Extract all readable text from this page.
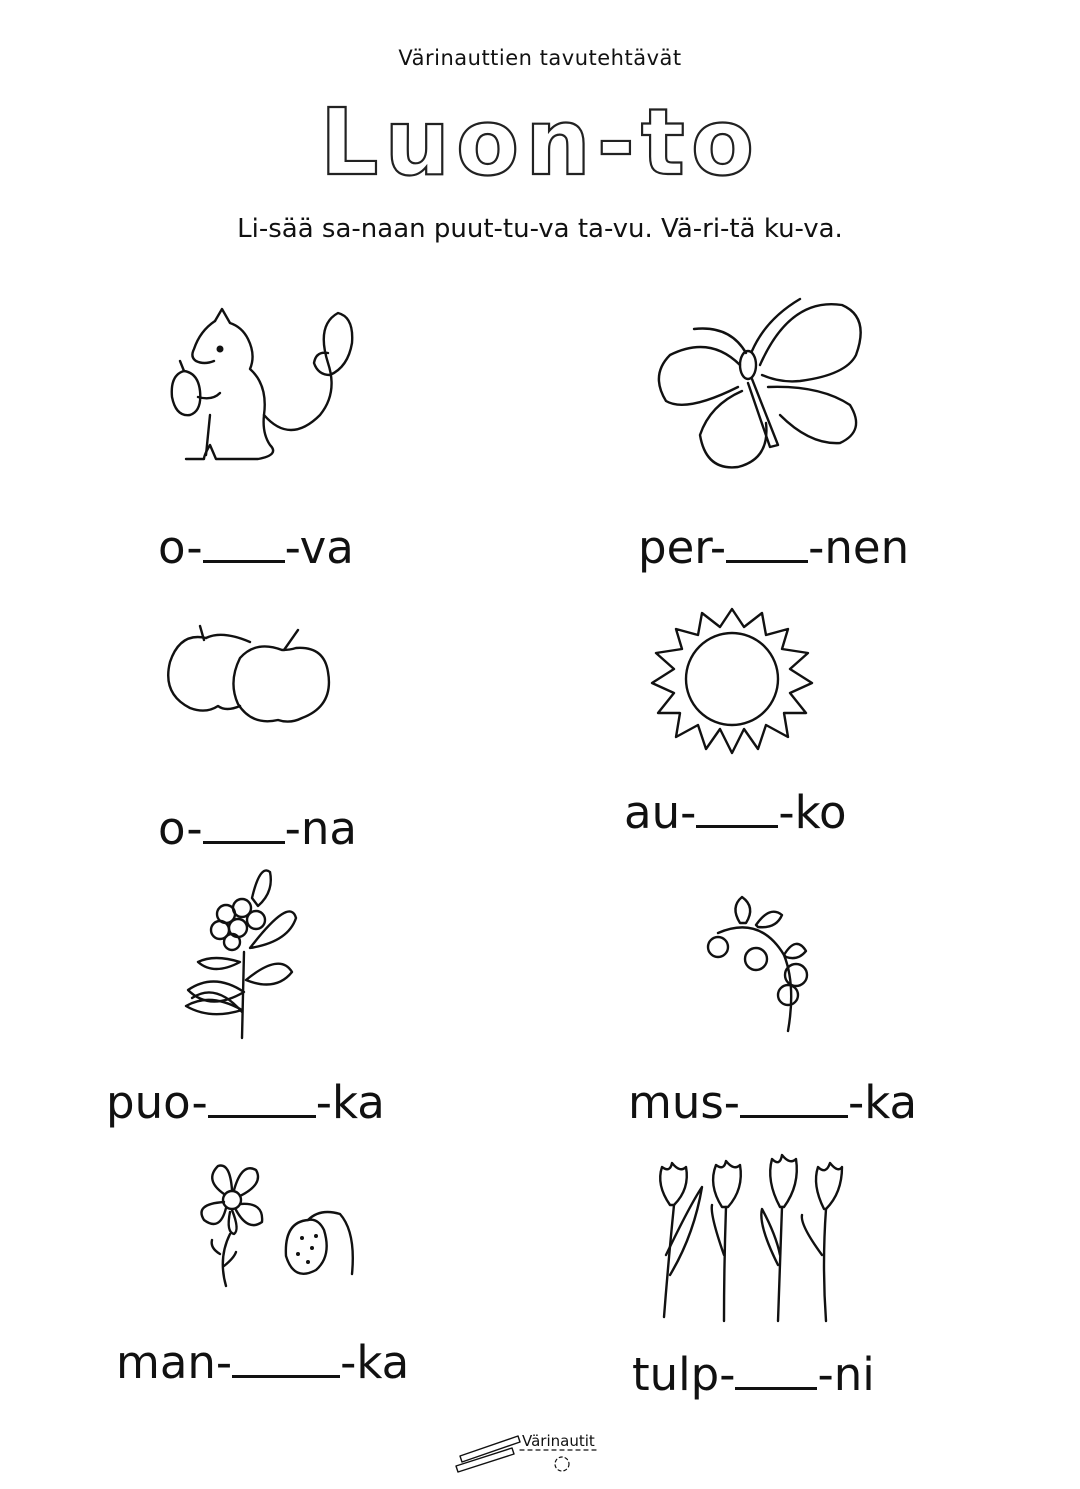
Värinauttien tavutehtävät
Luon-to
Li-sää sa-naan puut-tu-va ta-vu. Vä-ri-tä ku-va.
o- -va	per- -nen
o- -na	au- -ko
puo- -ka	mus- -ka
man- -ka	tulp- -ni
Värinautit
